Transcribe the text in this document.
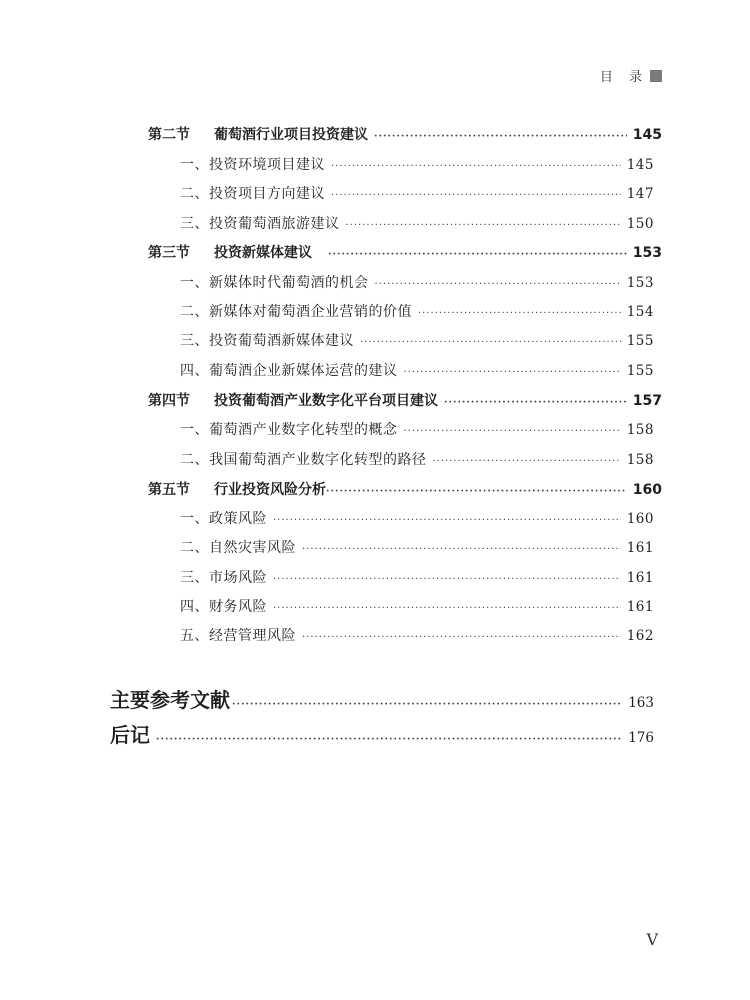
目 录
第二节 葡萄酒行业项目投资建议 ·····	145
一、投资环境项目建议 ·····	145
二、投资项目方向建议 ·····	147
三、投资葡萄酒旅游建议 ·····	150
第三节 投资新媒体建议 ·····	153
一、新媒体时代葡萄酒的机会 ·····	153
二、新媒体对葡萄酒企业营销的价值 ·····	154
三、投资葡萄酒新媒体建议 ·····	155
四、葡萄酒企业新媒体运营的建议 ·····	155
第四节 投资葡萄酒产业数字化平台项目建议 ·····	157
一、葡萄酒产业数字化转型的概念 ·····	158
二、我国葡萄酒产业数字化转型的路径 ·····	158
第五节 行业投资风险分析 ·····	160
一、政策风险 ·····	160
二、自然灾害风险 ·····	161
三、市场风险 ·····	161
四、财务风险 ·····	161
五、经营管理风险 ·····	162
主要参考文献 ·····	163
后记 ·····	176
V
